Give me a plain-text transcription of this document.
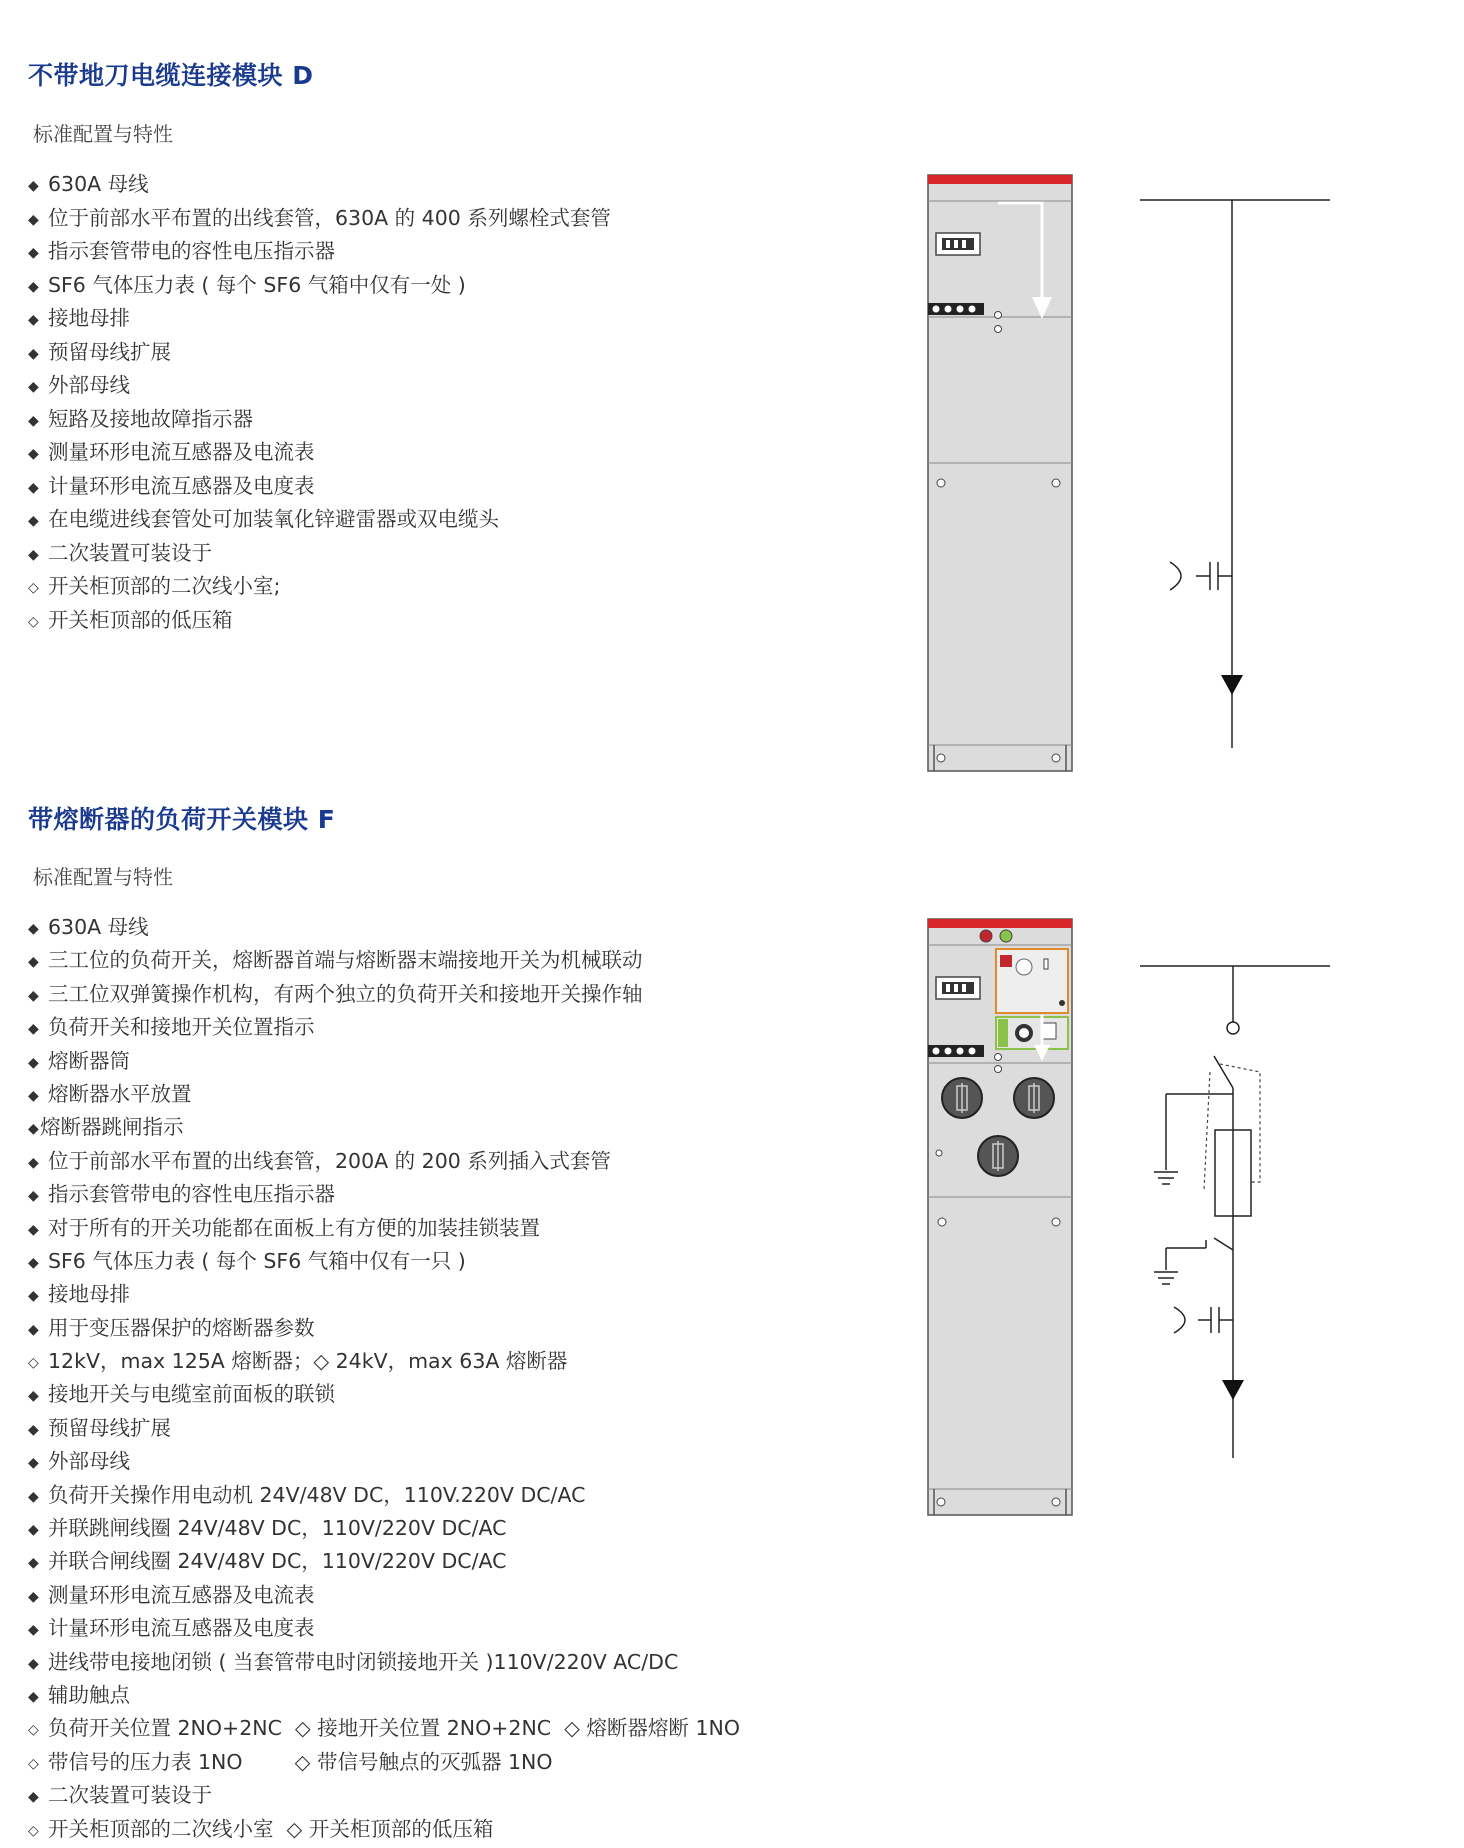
不带地刀电缆连接模块 D
标准配置与特性
◆ 630A 母线
◆ 位于前部水平布置的出线套管，630A 的 400 系列螺栓式套管
◆ 指示套管带电的容性电压指示器
◆ SF6 气体压力表 ( 每个 SF6 气箱中仅有一处 )
◆ 接地母排
◆ 预留母线扩展
◆ 外部母线
◆ 短路及接地故障指示器
◆ 测量环形电流互感器及电流表
◆ 计量环形电流互感器及电度表
◆ 在电缆进线套管处可加装氧化锌避雷器或双电缆头
◆ 二次装置可装设于
◇ 开关柜顶部的二次线小室;
◇ 开关柜顶部的低压箱
带熔断器的负荷开关模块 F
标准配置与特性
◆ 630A 母线
◆ 三工位的负荷开关，熔断器首端与熔断器末端接地开关为机械联动
◆ 三工位双弹簧操作机构，有两个独立的负荷开关和接地开关操作轴
◆ 负荷开关和接地开关位置指示
◆ 熔断器筒
◆ 熔断器水平放置
◆熔断器跳闸指示
◆ 位于前部水平布置的出线套管，200A 的 200 系列插入式套管
◆ 指示套管带电的容性电压指示器
◆ 对于所有的开关功能都在面板上有方便的加装挂锁装置
◆ SF6 气体压力表 ( 每个 SF6 气箱中仅有一只 )
◆ 接地母排
◆ 用于变压器保护的熔断器参数
◇ 12kV，max 125A 熔断器；◇ 24kV，max 63A 熔断器
◆ 接地开关与电缆室前面板的联锁
◆ 预留母线扩展
◆ 外部母线
◆ 负荷开关操作用电动机 24V/48V DC，110V.220V DC/AC
◆ 并联跳闸线圈 24V/48V DC，110V/220V DC/AC
◆ 并联合闸线圈 24V/48V DC，110V/220V DC/AC
◆ 测量环形电流互感器及电流表
◆ 计量环形电流互感器及电度表
◆ 进线带电接地闭锁 ( 当套管带电时闭锁接地开关 )110V/220V AC/DC
◆ 辅助触点
◇ 负荷开关位置 2NO+2NC  ◇ 接地开关位置 2NO+2NC  ◇ 熔断器熔断 1NO
◇ 带信号的压力表 1NO        ◇ 带信号触点的灭弧器 1NO
◆ 二次装置可装设于
◇ 开关柜顶部的二次线小室  ◇ 开关柜顶部的低压箱
